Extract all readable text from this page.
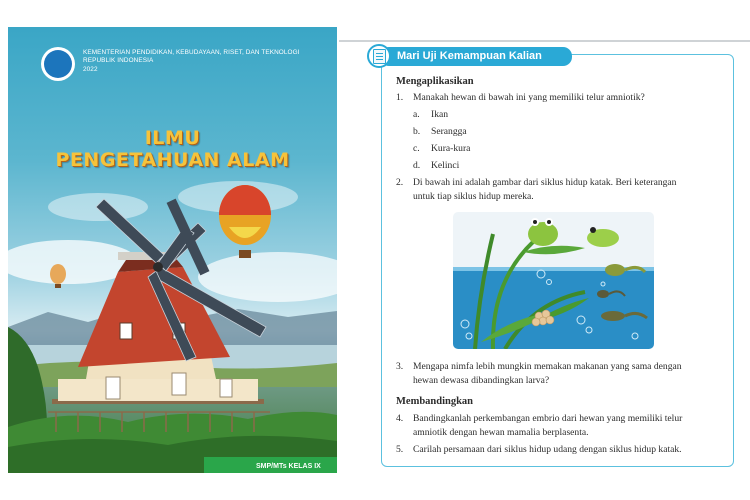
KEMENTERIAN PENDIDIKAN, KEBUDAYAAN, RISET, DAN TEKNOLOGI
REPUBLIK INDONESIA
2022
ILMU
PENGETAHUAN ALAM
SMP/MTs KELAS IX
Mari Uji Kemampuan Kalian
Mengaplikasikan
1.	Manakah hewan di bawah ini yang memiliki telur amniotik?
a. Ikan
b. Serangga
c. Kura-kura
d. Kelinci
2.	Di bawah ini adalah gambar dari siklus hidup katak. Beri keterangan
untuk tiap siklus hidup mereka.
3.	Mengapa nimfa lebih mungkin memakan makanan yang sama dengan
hewan dewasa dibandingkan larva?
Membandingkan
4.	Bandingkanlah perkembangan embrio dari hewan yang memiliki telur
amniotik dengan hewan mamalia berplasenta.
5.	Carilah persamaan dari siklus hidup udang dengan siklus hidup katak.
